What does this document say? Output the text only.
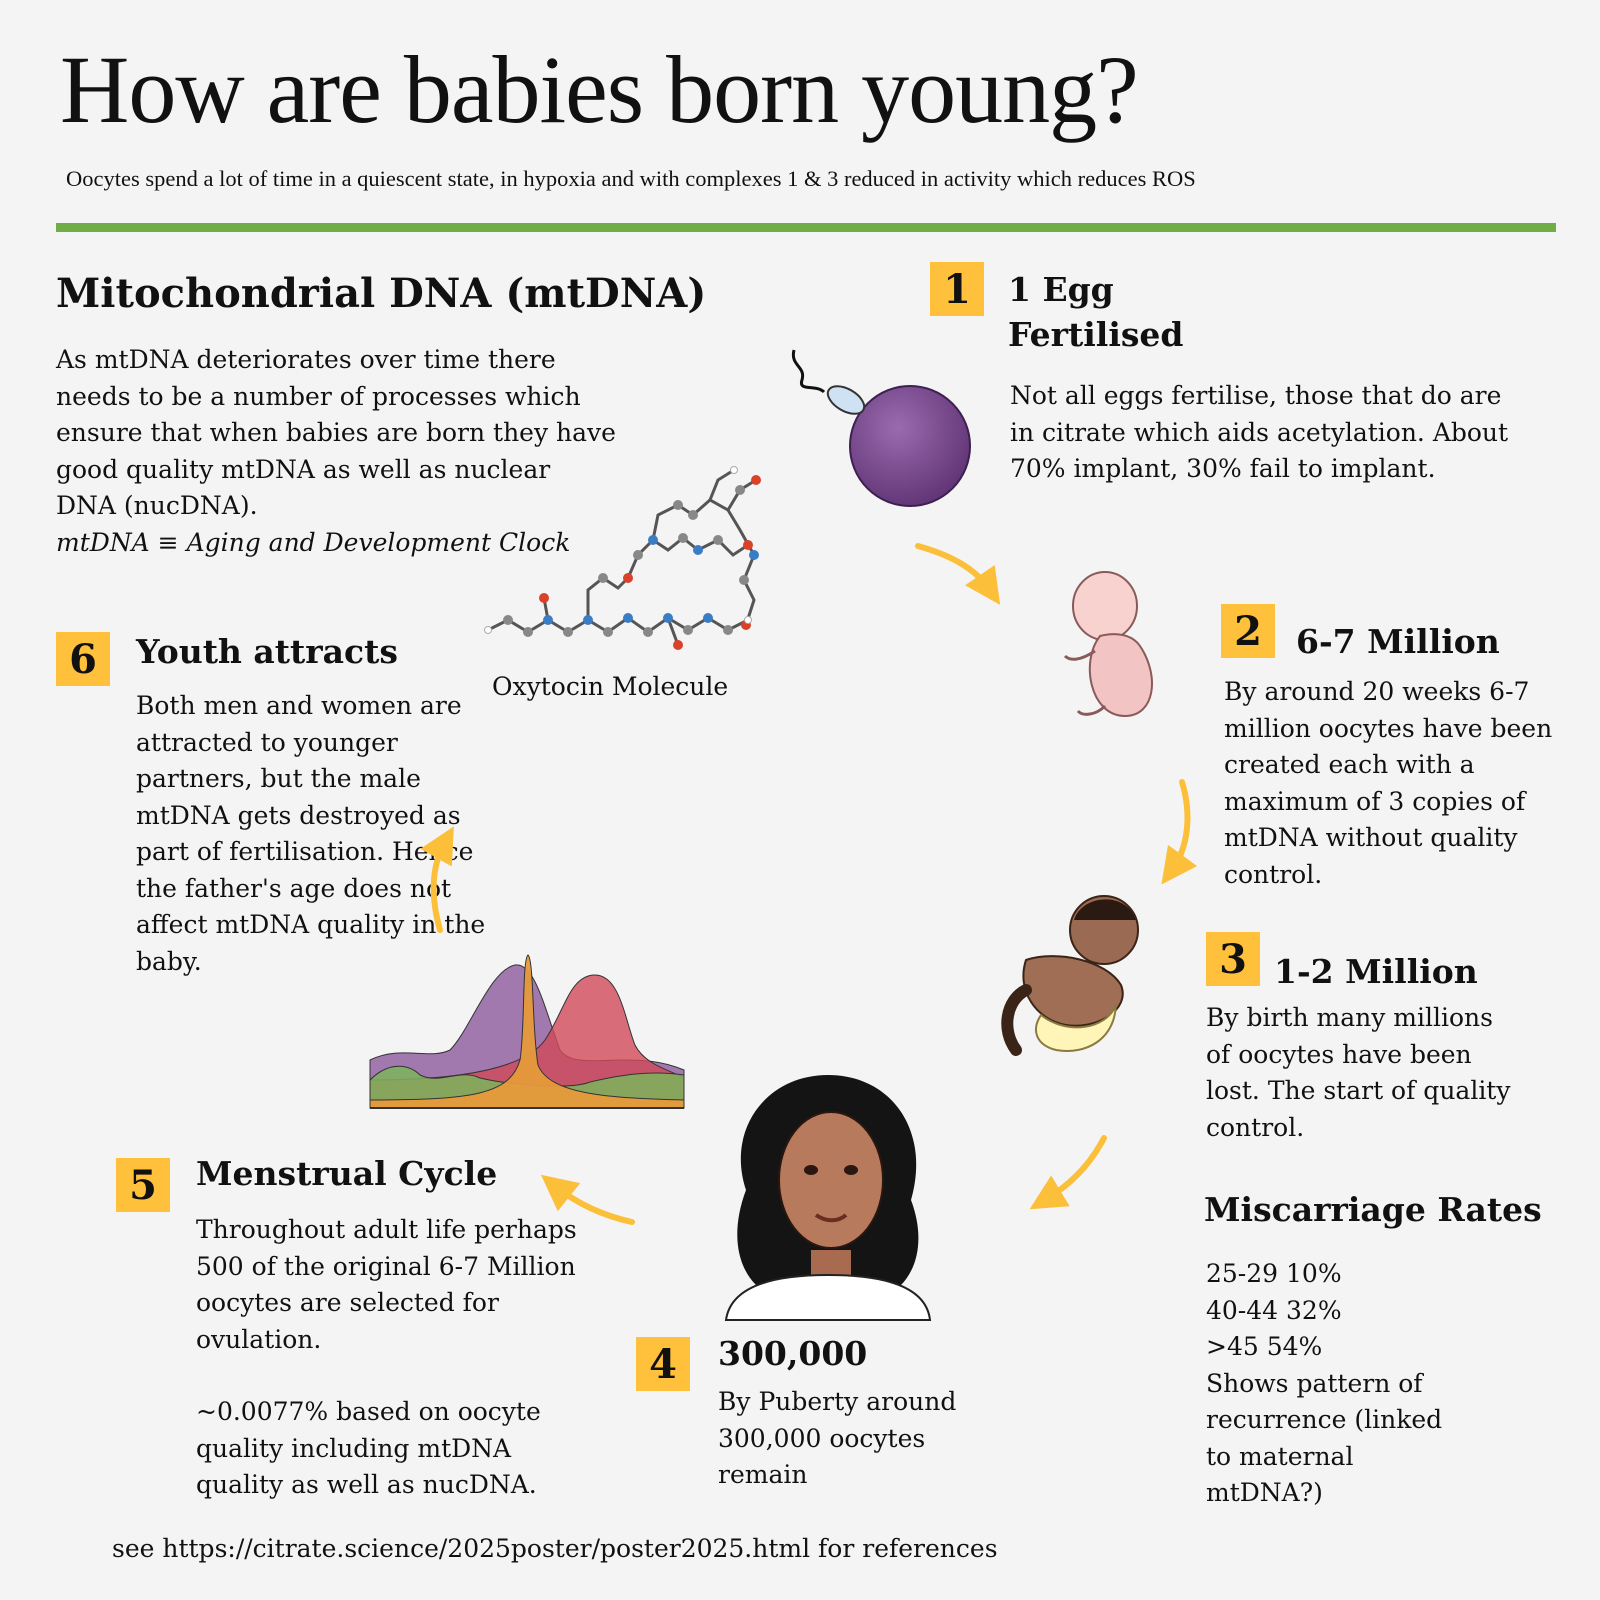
How are babies born young?
Oocytes spend a lot of time in a quiescent state, in hypoxia and with complexes 1 & 3 reduced in activity which reduces ROS
Mitochondrial DNA (mtDNA)
As mtDNA deteriorates over time there needs to be a number of processes which ensure that when babies are born they have good quality mtDNA as well as nuclear DNA (nucDNA).
mtDNA ≡ Aging and Development Clock
Oxytocin Molecule
1	1 Egg
Fertilised
Not all eggs fertilise, those that do are in citrate which aids acetylation. About 70% implant, 30% fail to implant.
2	6-7 Million
By around 20 weeks 6-7 million oocytes have been created each with a maximum of 3 copies of mtDNA without quality control.
3 1-2 Million
By birth many millions of oocytes have been lost. The start of quality control.
4	300,000
By Puberty around 300,000 oocytes remain
5	Menstrual Cycle
Throughout adult life perhaps 500 of the original 6-7 Million oocytes are selected for ovulation.
~0.0077% based on oocyte quality including mtDNA quality as well as nucDNA.
6	Youth attracts
Both men and women are attracted to younger partners, but the male mtDNA gets destroyed as part of fertilisation. Hence the father's age does not affect mtDNA quality in the baby.
Miscarriage Rates
25-29 10%
40-44 32%
>45 54%
Shows pattern of recurrence (linked to maternal mtDNA?)
see https://citrate.science/2025poster/poster2025.html for references
